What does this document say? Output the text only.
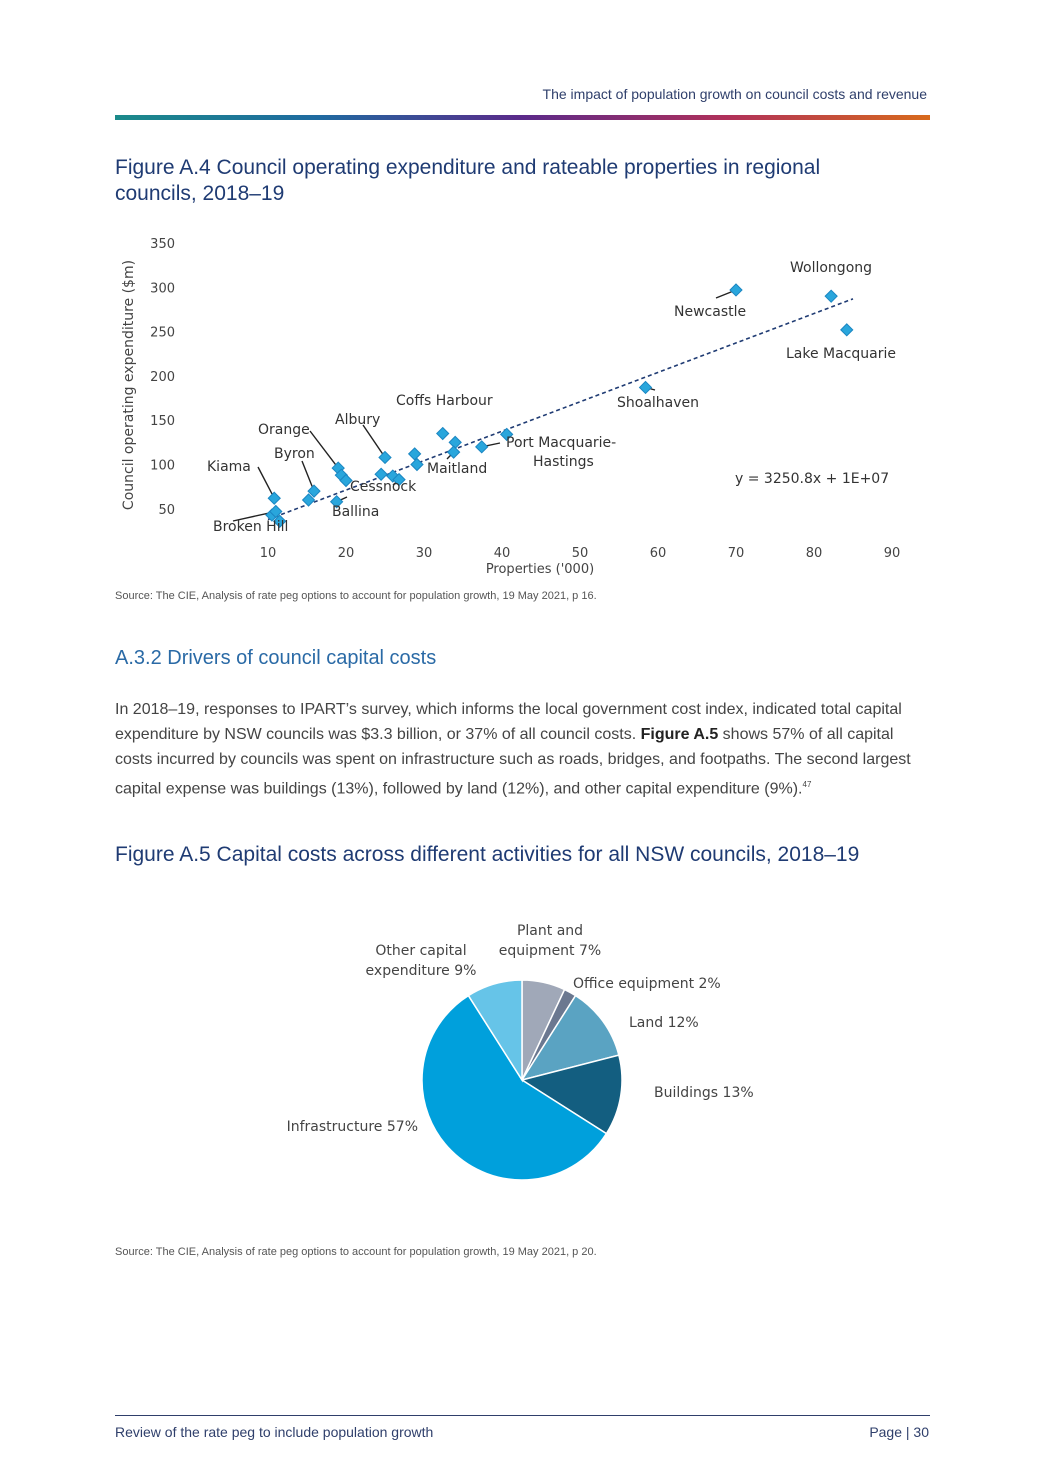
The impact of population growth on council costs and revenue
Figure A.4 Council operating expenditure and rateable properties in regional
councils, 2018–19
Council operating expenditure ($m)
50
100
150
200
250
300
350
10	20	30	40	50	60	70	80	90
Properties ('000)
Broken Hill
Kiama
Byron
Orange
Albury
Ballina
Cessnock
Coffs Harbour
Maitland
Port Macquarie-
Hastings
Shoalhaven
Newcastle
Wollongong
Lake Macquarie
y = 3250.8x + 1E+07
Source: The CIE, Analysis of rate peg options to account for population growth, 19 May 2021, p 16.
A.3.2 Drivers of council capital costs

In 2018–19, responses to IPART’s survey, which informs the local government cost index, indicated total capital expenditure by NSW councils was $3.3 billion, or 37% of all council costs. Figure A.5 shows 57% of all capital costs incurred by councils was spent on infrastructure such as roads, bridges, and footpaths. The second largest capital expense was buildings (13%), followed by land (12%), and other capital expenditure (9%).$^{47}$

Figure A.5 Capital costs across different activities for all NSW councils, 2018–19
Plant and
equipment 7%
Office equipment 2%
Land 12%
Buildings 13%
Infrastructure 57%
Other capital
expenditure 9%
Source: The CIE, Analysis of rate peg options to account for population growth, 19 May 2021, p 20.
Review of the rate peg to include population growth	Page | 30
